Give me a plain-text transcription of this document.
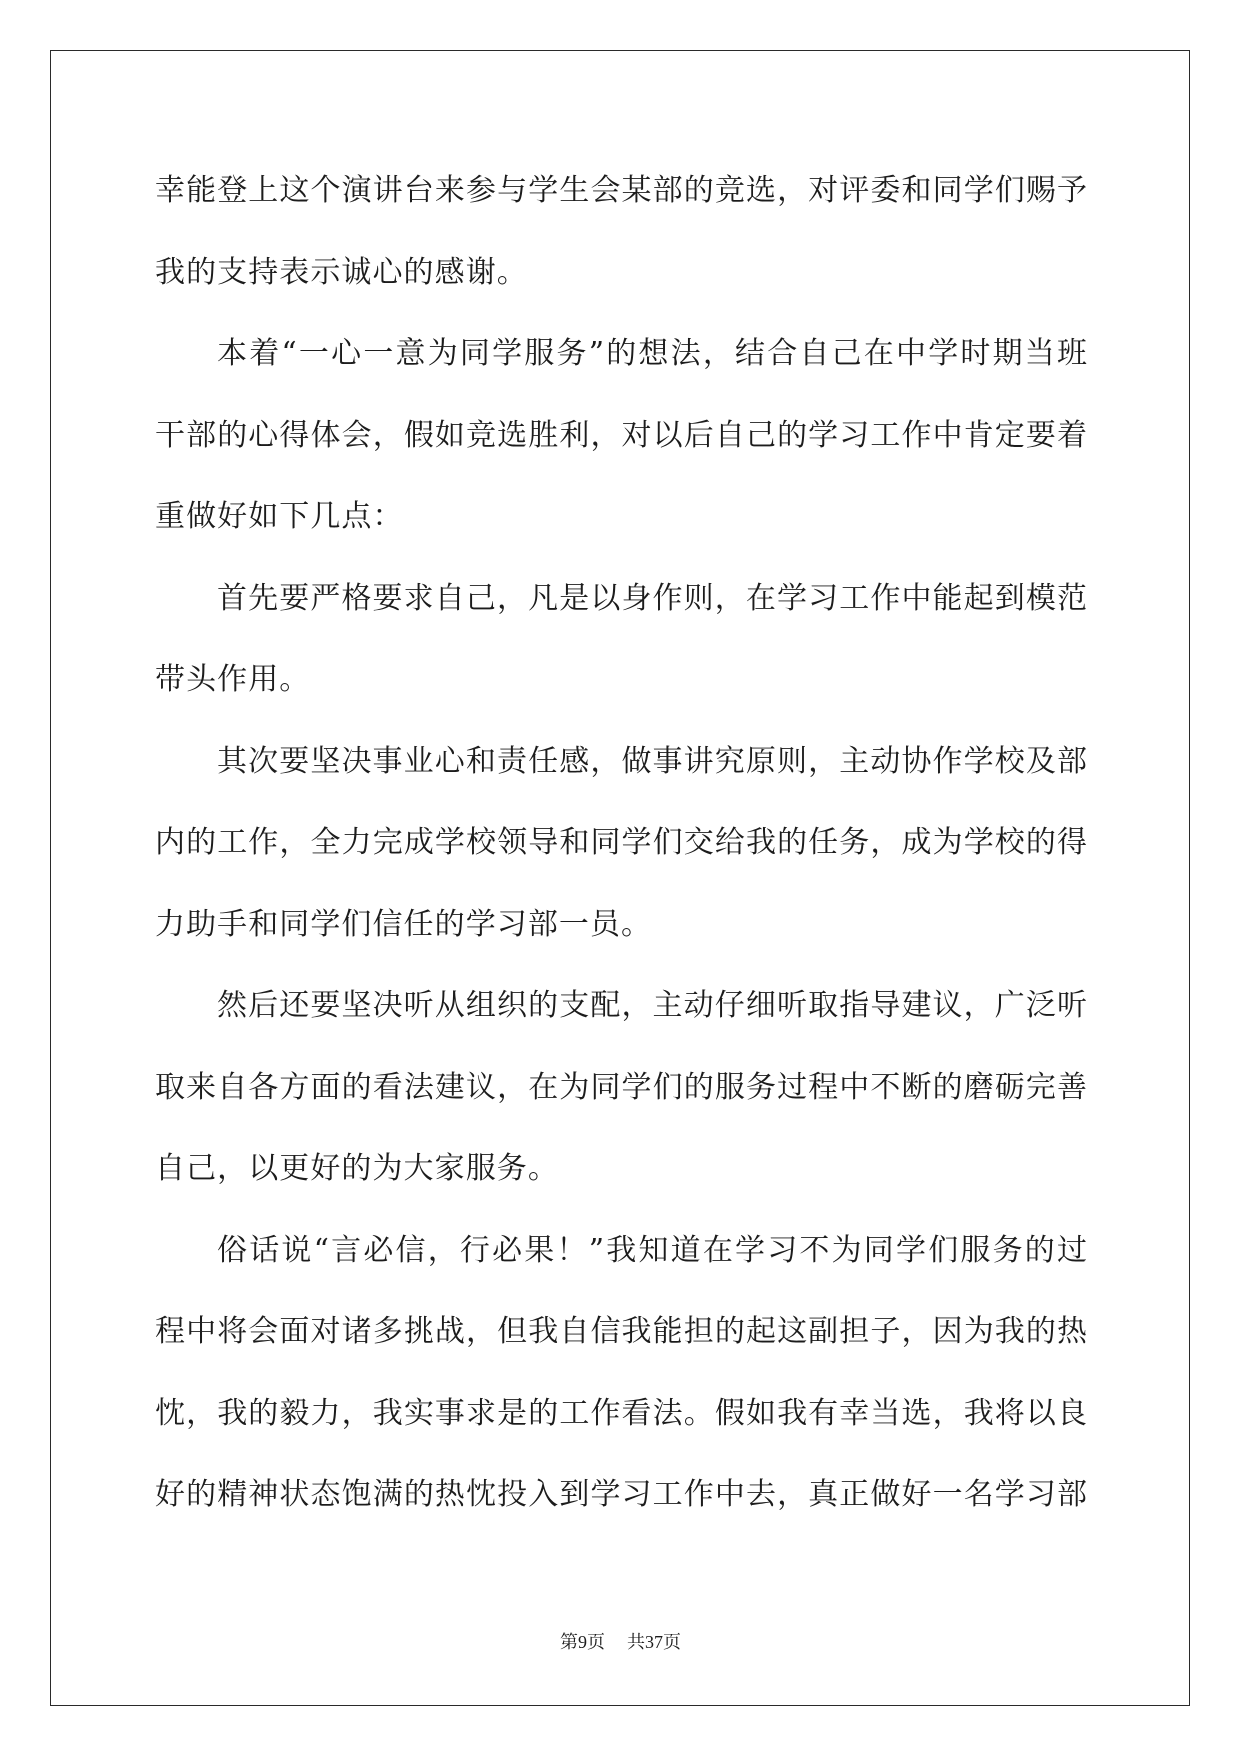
幸能登上这个演讲台来参与学生会某部的竞选，对评委和同学们赐予
我的支持表示诚心的感谢。
本着“一心一意为同学服务”的想法，结合自己在中学时期当班
干部的心得体会，假如竞选胜利，对以后自己的学习工作中肯定要着
重做好如下几点：
首先要严格要求自己，凡是以身作则，在学习工作中能起到模范
带头作用。
其次要坚决事业心和责任感，做事讲究原则，主动协作学校及部
内的工作，全力完成学校领导和同学们交给我的任务，成为学校的得
力助手和同学们信任的学习部一员。
然后还要坚决听从组织的支配，主动仔细听取指导建议，广泛听
取来自各方面的看法建议，在为同学们的服务过程中不断的磨砺完善
自己，以更好的为大家服务。
俗话说“言必信，行必果！”我知道在学习不为同学们服务的过
程中将会面对诸多挑战，但我自信我能担的起这副担子，因为我的热
忱，我的毅力，我实事求是的工作看法。假如我有幸当选，我将以良
好的精神状态饱满的热忱投入到学习工作中去，真正做好一名学习部
第9页 共37页
